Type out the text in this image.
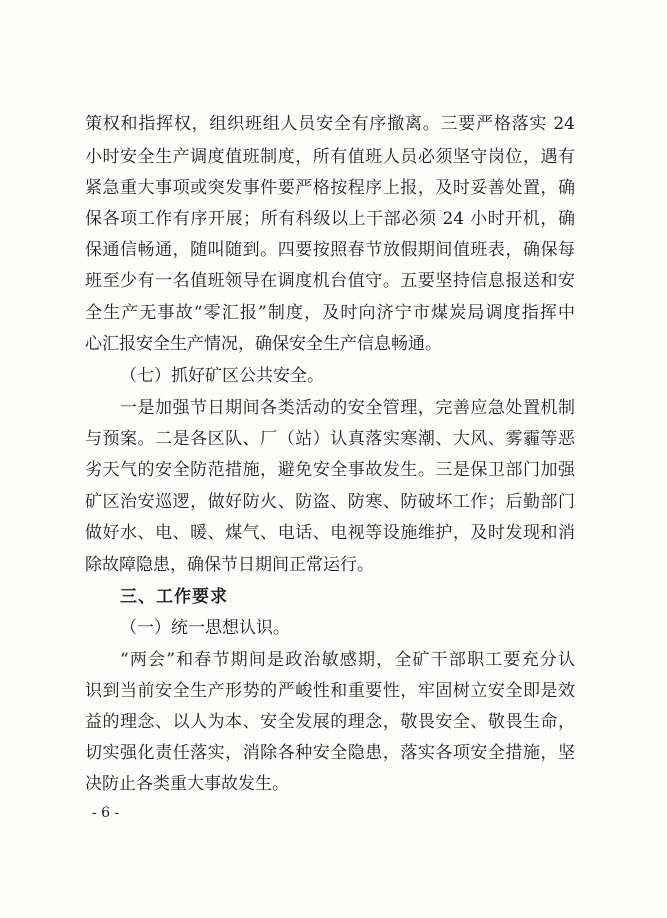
策权和指挥权，组织班组人员安全有序撤离。三要严格落实 24
小时安全生产调度值班制度，所有值班人员必须坚守岗位，遇有
紧急重大事项或突发事件要严格按程序上报，及时妥善处置，确
保各项工作有序开展；所有科级以上干部必须 24 小时开机，确
保通信畅通，随叫随到。四要按照春节放假期间值班表，确保每
班至少有一名值班领导在调度机台值守。五要坚持信息报送和安
全生产无事故“零汇报”制度，及时向济宁市煤炭局调度指挥中
心汇报安全生产情况，确保安全生产信息畅通。
（七）抓好矿区公共安全。
一是加强节日期间各类活动的安全管理，完善应急处置机制
与预案。二是各区队、厂（站）认真落实寒潮、大风、雾霾等恶
劣天气的安全防范措施，避免安全事故发生。三是保卫部门加强
矿区治安巡逻，做好防火、防盗、防寒、防破坏工作；后勤部门
做好水、电、暖、煤气、电话、电视等设施维护，及时发现和消
除故障隐患，确保节日期间正常运行。
三、工作要求
（一）统一思想认识。
“两会”和春节期间是政治敏感期，全矿干部职工要充分认
识到当前安全生产形势的严峻性和重要性，牢固树立安全即是效
益的理念、以人为本、安全发展的理念，敬畏安全、敬畏生命，
切实强化责任落实，消除各种安全隐患，落实各项安全措施，坚
决防止各类重大事故发生。
- 6 -
